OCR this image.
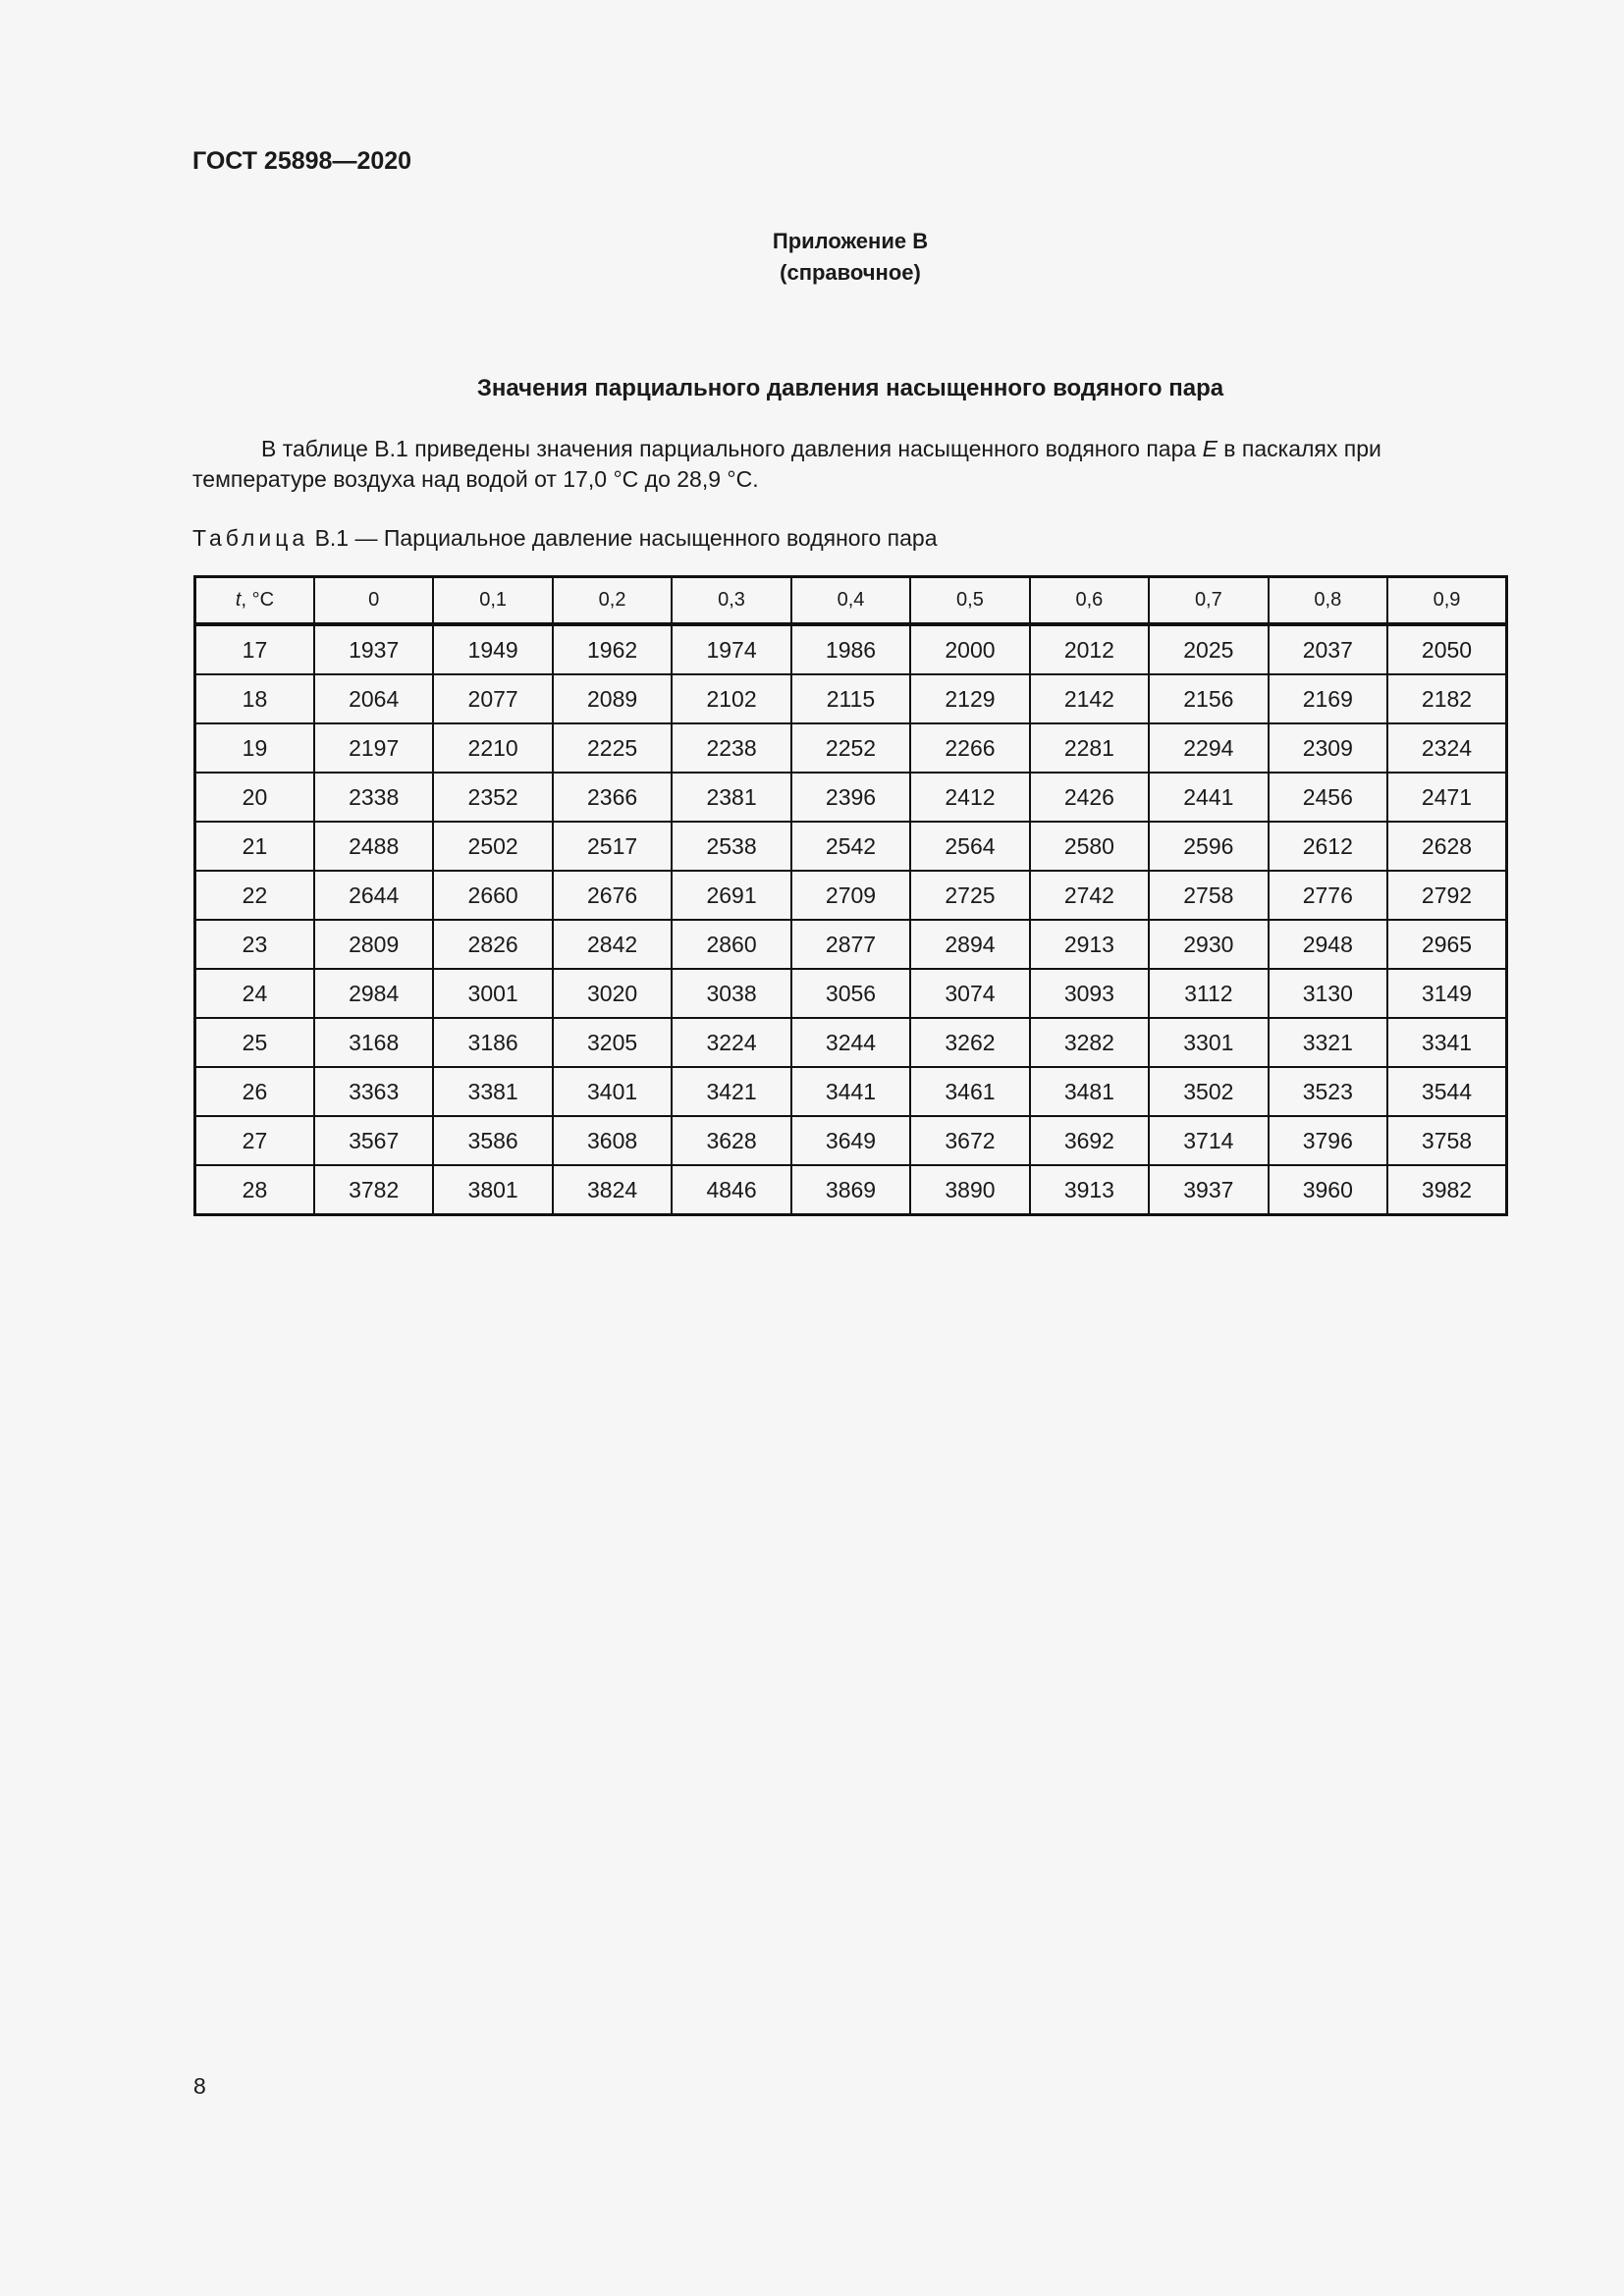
ГОСТ 25898—2020
Приложение В
(справочное)
Значения парциального давления насыщенного водяного пара
В таблице В.1 приведены значения парциального давления насыщенного водяного пара E в паскалях при
температуре воздуха над водой от 17,0 °С до 28,9 °С.
Таблица В.1 — Парциальное давление насыщенного водяного пара
t, °С	0	0,1	0,2	0,3	0,4	0,5	0,6	0,7	0,8	0,9
17	1937	1949	1962	1974	1986	2000	2012	2025	2037	2050
18	2064	2077	2089	2102	2115	2129	2142	2156	2169	2182
19	2197	2210	2225	2238	2252	2266	2281	2294	2309	2324
20	2338	2352	2366	2381	2396	2412	2426	2441	2456	2471
21	2488	2502	2517	2538	2542	2564	2580	2596	2612	2628
22	2644	2660	2676	2691	2709	2725	2742	2758	2776	2792
23	2809	2826	2842	2860	2877	2894	2913	2930	2948	2965
24	2984	3001	3020	3038	3056	3074	3093	3112	3130	3149
25	3168	3186	3205	3224	3244	3262	3282	3301	3321	3341
26	3363	3381	3401	3421	3441	3461	3481	3502	3523	3544
27	3567	3586	3608	3628	3649	3672	3692	3714	3796	3758
28	3782	3801	3824	4846	3869	3890	3913	3937	3960	3982
8
